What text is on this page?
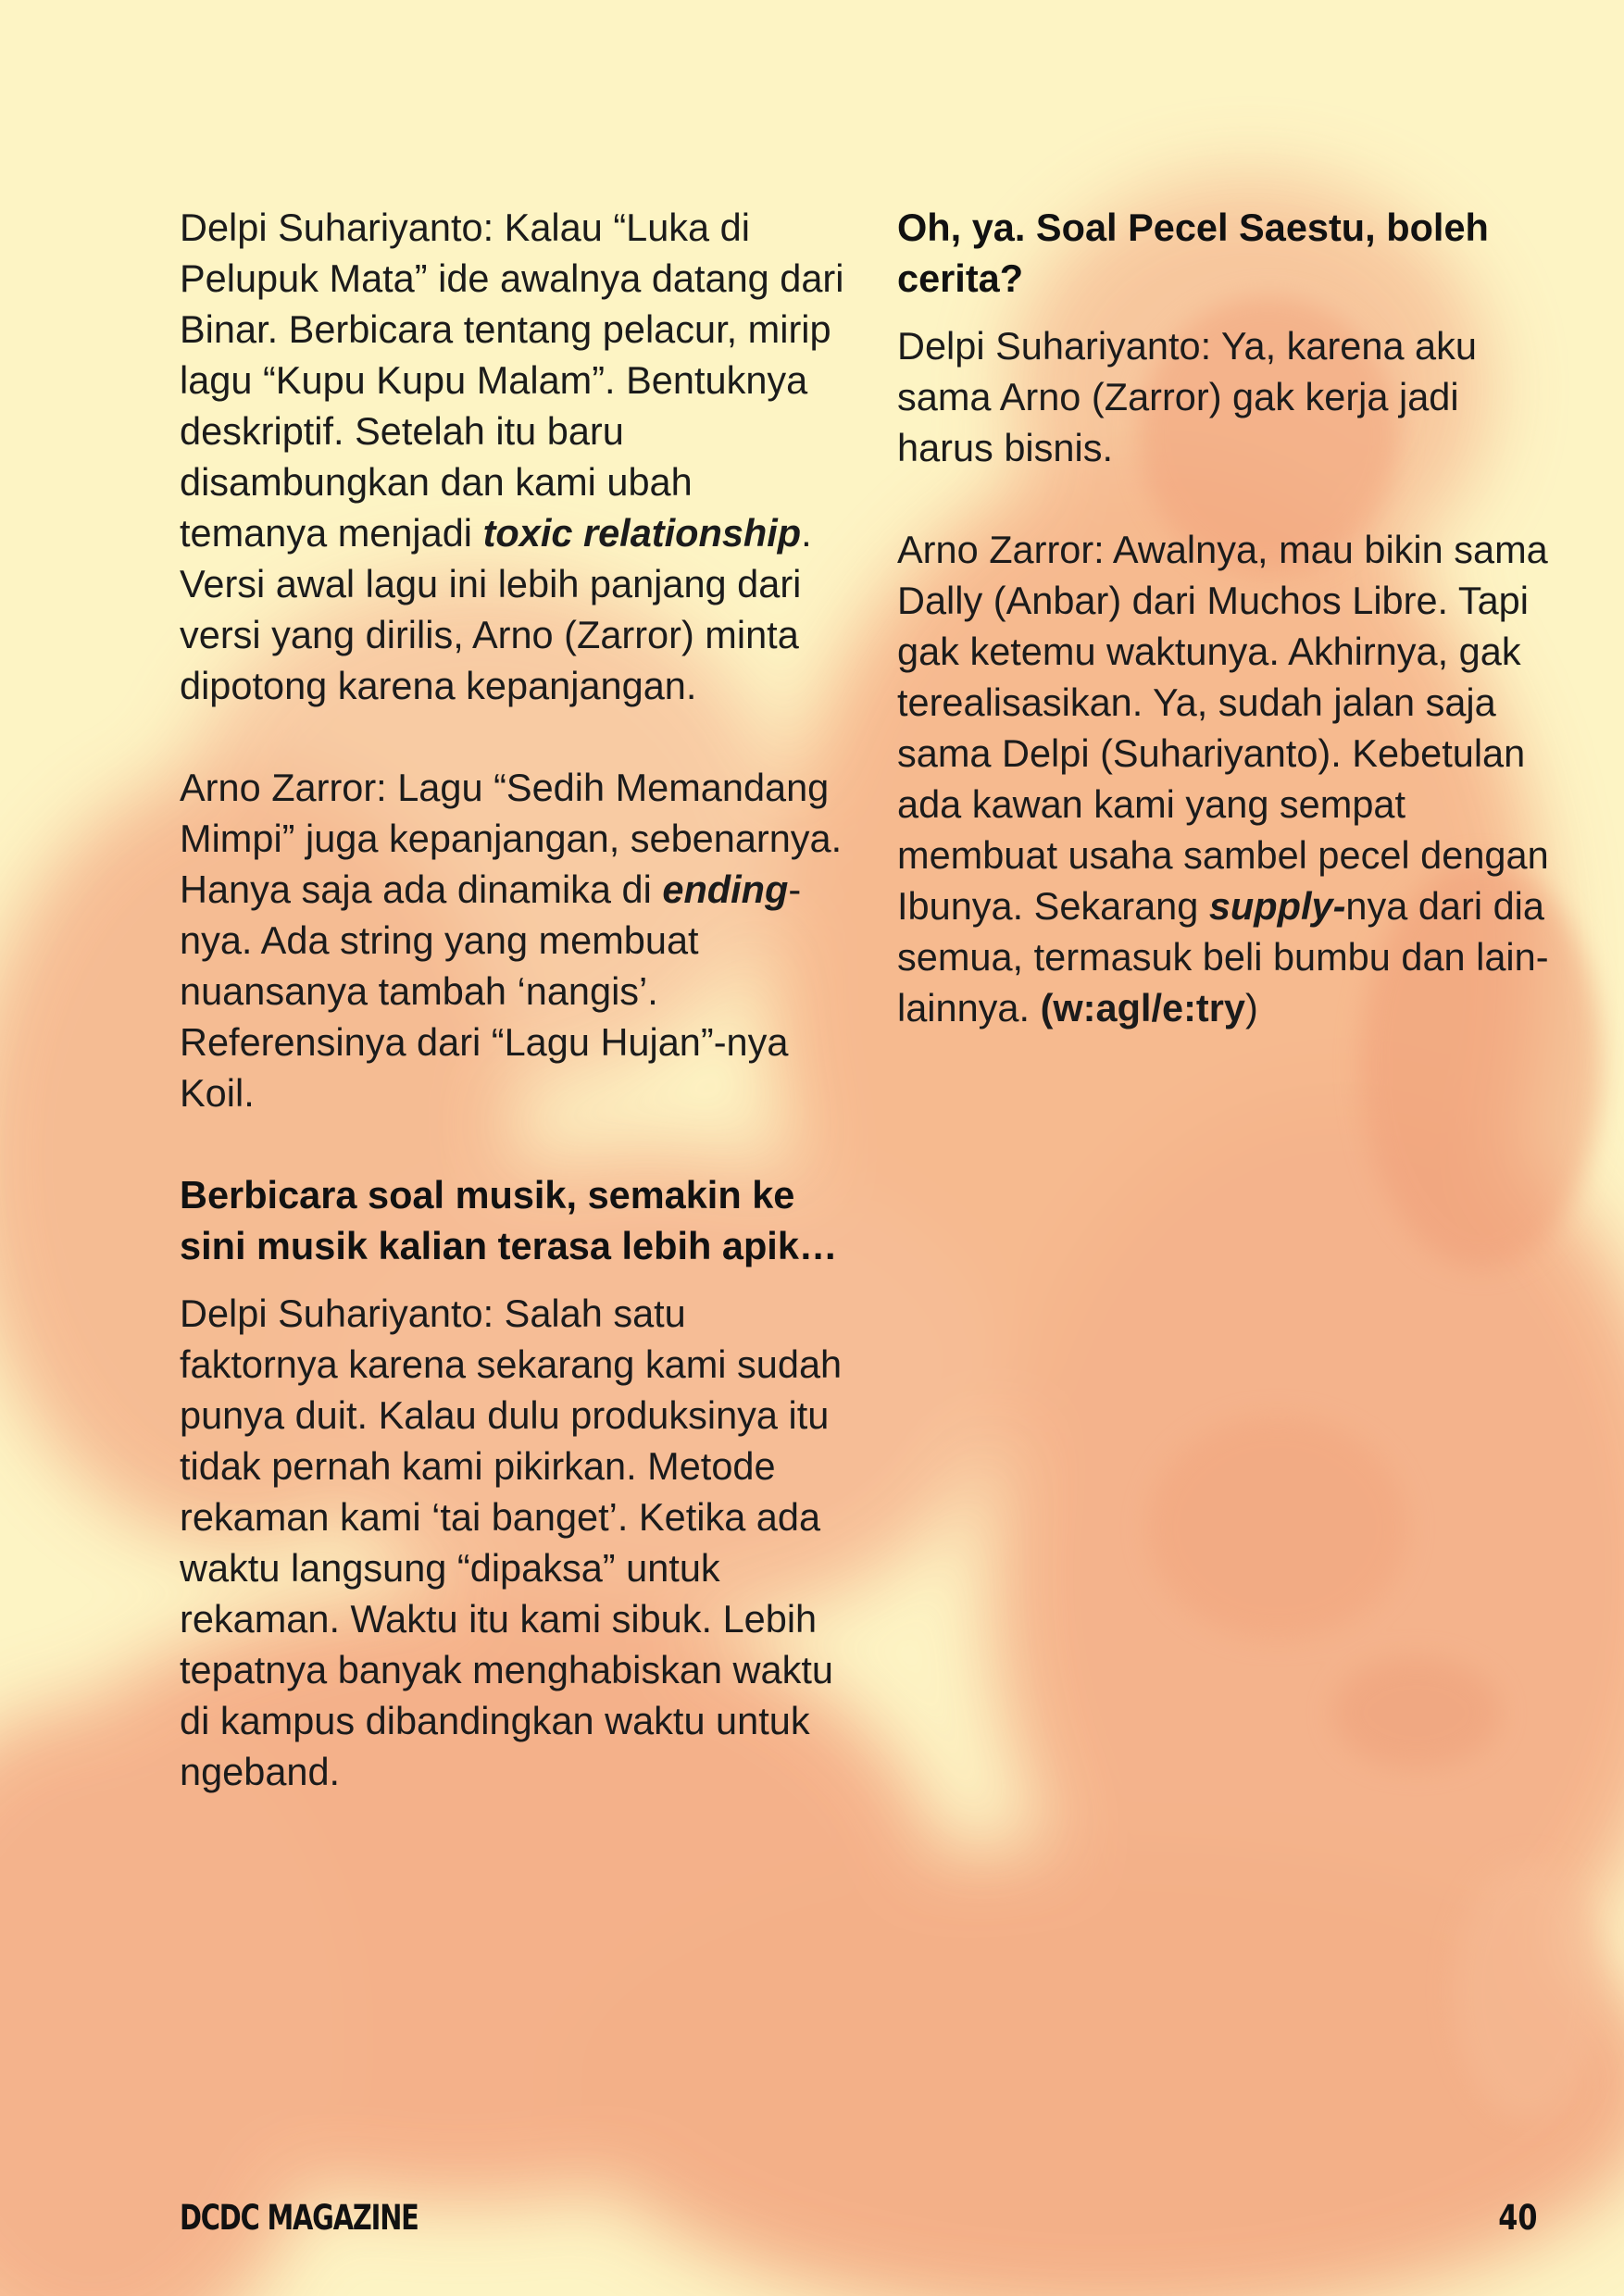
Delpi Suhariyanto: Kalau “Luka di Pelupuk Mata” ide awalnya datang dari Binar. Berbicara tentang pelacur, mirip lagu “Kupu Kupu Malam”. Bentuknya deskriptif. Setelah itu baru disambungkan dan kami ubah temanya menjadi toxic relationship. Versi awal lagu ini lebih panjang dari versi yang dirilis, Arno (Zarror) minta dipotong karena kepanjangan.

Arno Zarror: Lagu “Sedih Memandang Mimpi” juga kepanjangan, sebenarnya. Hanya saja ada dinamika di ending-nya. Ada string yang membuat nuansanya tambah ‘nangis’. Referensinya dari “Lagu Hujan”-nya Koil.

Berbicara soal musik, semakin ke sini musik kalian terasa lebih apik…

Delpi Suhariyanto: Salah satu faktornya karena sekarang kami sudah punya duit. Kalau dulu produksinya itu tidak pernah kami pikirkan. Metode rekaman kami ‘tai banget’. Ketika ada waktu langsung “dipaksa” untuk rekaman. Waktu itu kami sibuk. Lebih tepatnya banyak menghabiskan waktu di kampus dibandingkan waktu untuk ngeband.

Oh, ya. Soal Pecel Saestu, boleh cerita?

Delpi Suhariyanto: Ya, karena aku sama Arno (Zarror) gak kerja jadi harus bisnis.

Arno Zarror: Awalnya, mau bikin sama Dally (Anbar) dari Muchos Libre. Tapi gak ketemu waktunya. Akhirnya, gak terealisasikan. Ya, sudah jalan saja sama Delpi (Suhariyanto). Kebetulan ada kawan kami yang sempat membuat usaha sambel pecel dengan Ibunya. Sekarang supply-nya dari dia semua, termasuk beli bumbu dan lain-lainnya. (w:agl/e:try)

DCDC MAGAZINE	40
